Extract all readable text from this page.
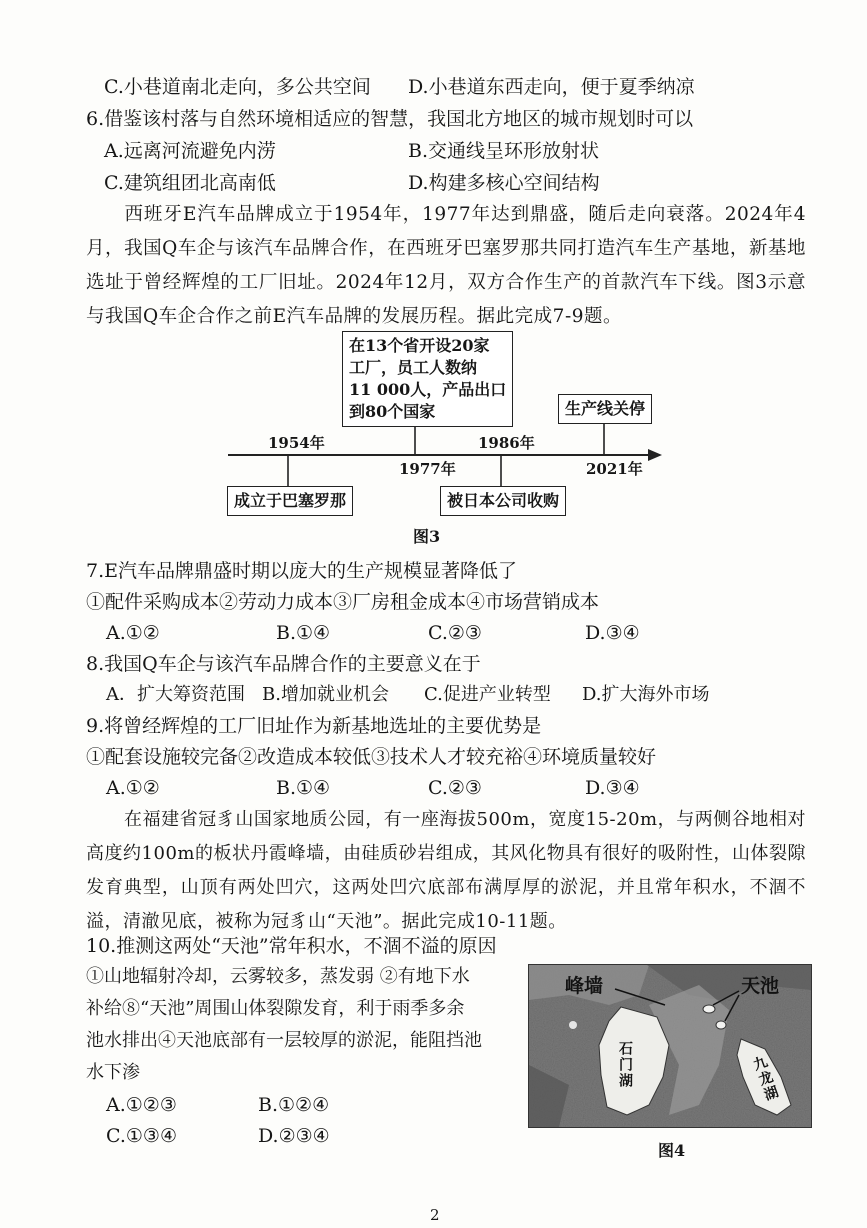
C.小巷道南北走向，多公共空间 D.小巷道东西走向，便于夏季纳凉
6.借鉴该村落与自然环境相适应的智慧，我国北方地区的城市规划时可以
A.远离河流避免内涝	B.交通线呈环形放射状
C.建筑组团北高南低	D.构建多核心空间结构
西班牙E汽车品牌成立于1954年，1977年达到鼎盛，随后走向衰落。2024年4月，我国Q车企与该汽车品牌合作，在西班牙巴塞罗那共同打造汽车生产基地，新基地选址于曾经辉煌的工厂旧址。2024年12月，双方合作生产的首款汽车下线。图3示意与我国Q车企合作之前E汽车品牌的发展历程。据此完成7-9题。
在13个省开设20家
工厂，员工人数纳
11 000人，产品出口
到80个国家	生产线关停
成立于巴塞罗那	被日本公司收购
1954年
1977年
1986年
2021年
图3
7.E汽车品牌鼎盛时期以庞大的生产规模显著降低了
①配件采购成本②劳动力成本③厂房租金成本④市场营销成本
A.①②	B.①④	C.②③	D.③④
8.我国Q车企与该汽车品牌合作的主要意义在于
A．扩大筹资范围 B.增加就业机会 C.促进产业转型 D.扩大海外市场
9.将曾经辉煌的工厂旧址作为新基地选址的主要优势是
①配套设施较完备②改造成本较低③技术人才较充裕④环境质量较好
A.①②	B.①④	C.②③	D.③④
在福建省冠豸山国家地质公园，有一座海拔500m，宽度15-20m，与两侧谷地相对高度约100m的板状丹霞峰墙，由硅质砂岩组成，其风化物具有很好的吸附性，山体裂隙发育典型，山顶有两处凹穴，这两处凹穴底部布满厚厚的淤泥，并且常年积水，不涸不溢，清澈见底，被称为冠豸山“天池”。据此完成10-11题。
10.推测这两处“天池”常年积水，不涸不溢的原因
①山地辐射冷却，云雾较多，蒸发弱 ②有地下水
补给⑧“天池”周围山体裂隙发育，利于雨季多余
池水排出④天池底部有一层较厚的淤泥，能阻挡池
水下渗
A.①②③	B.①②④
C.①③④	D.②③④
峰墙	天池
石门湖	九龙湖
图4
2
